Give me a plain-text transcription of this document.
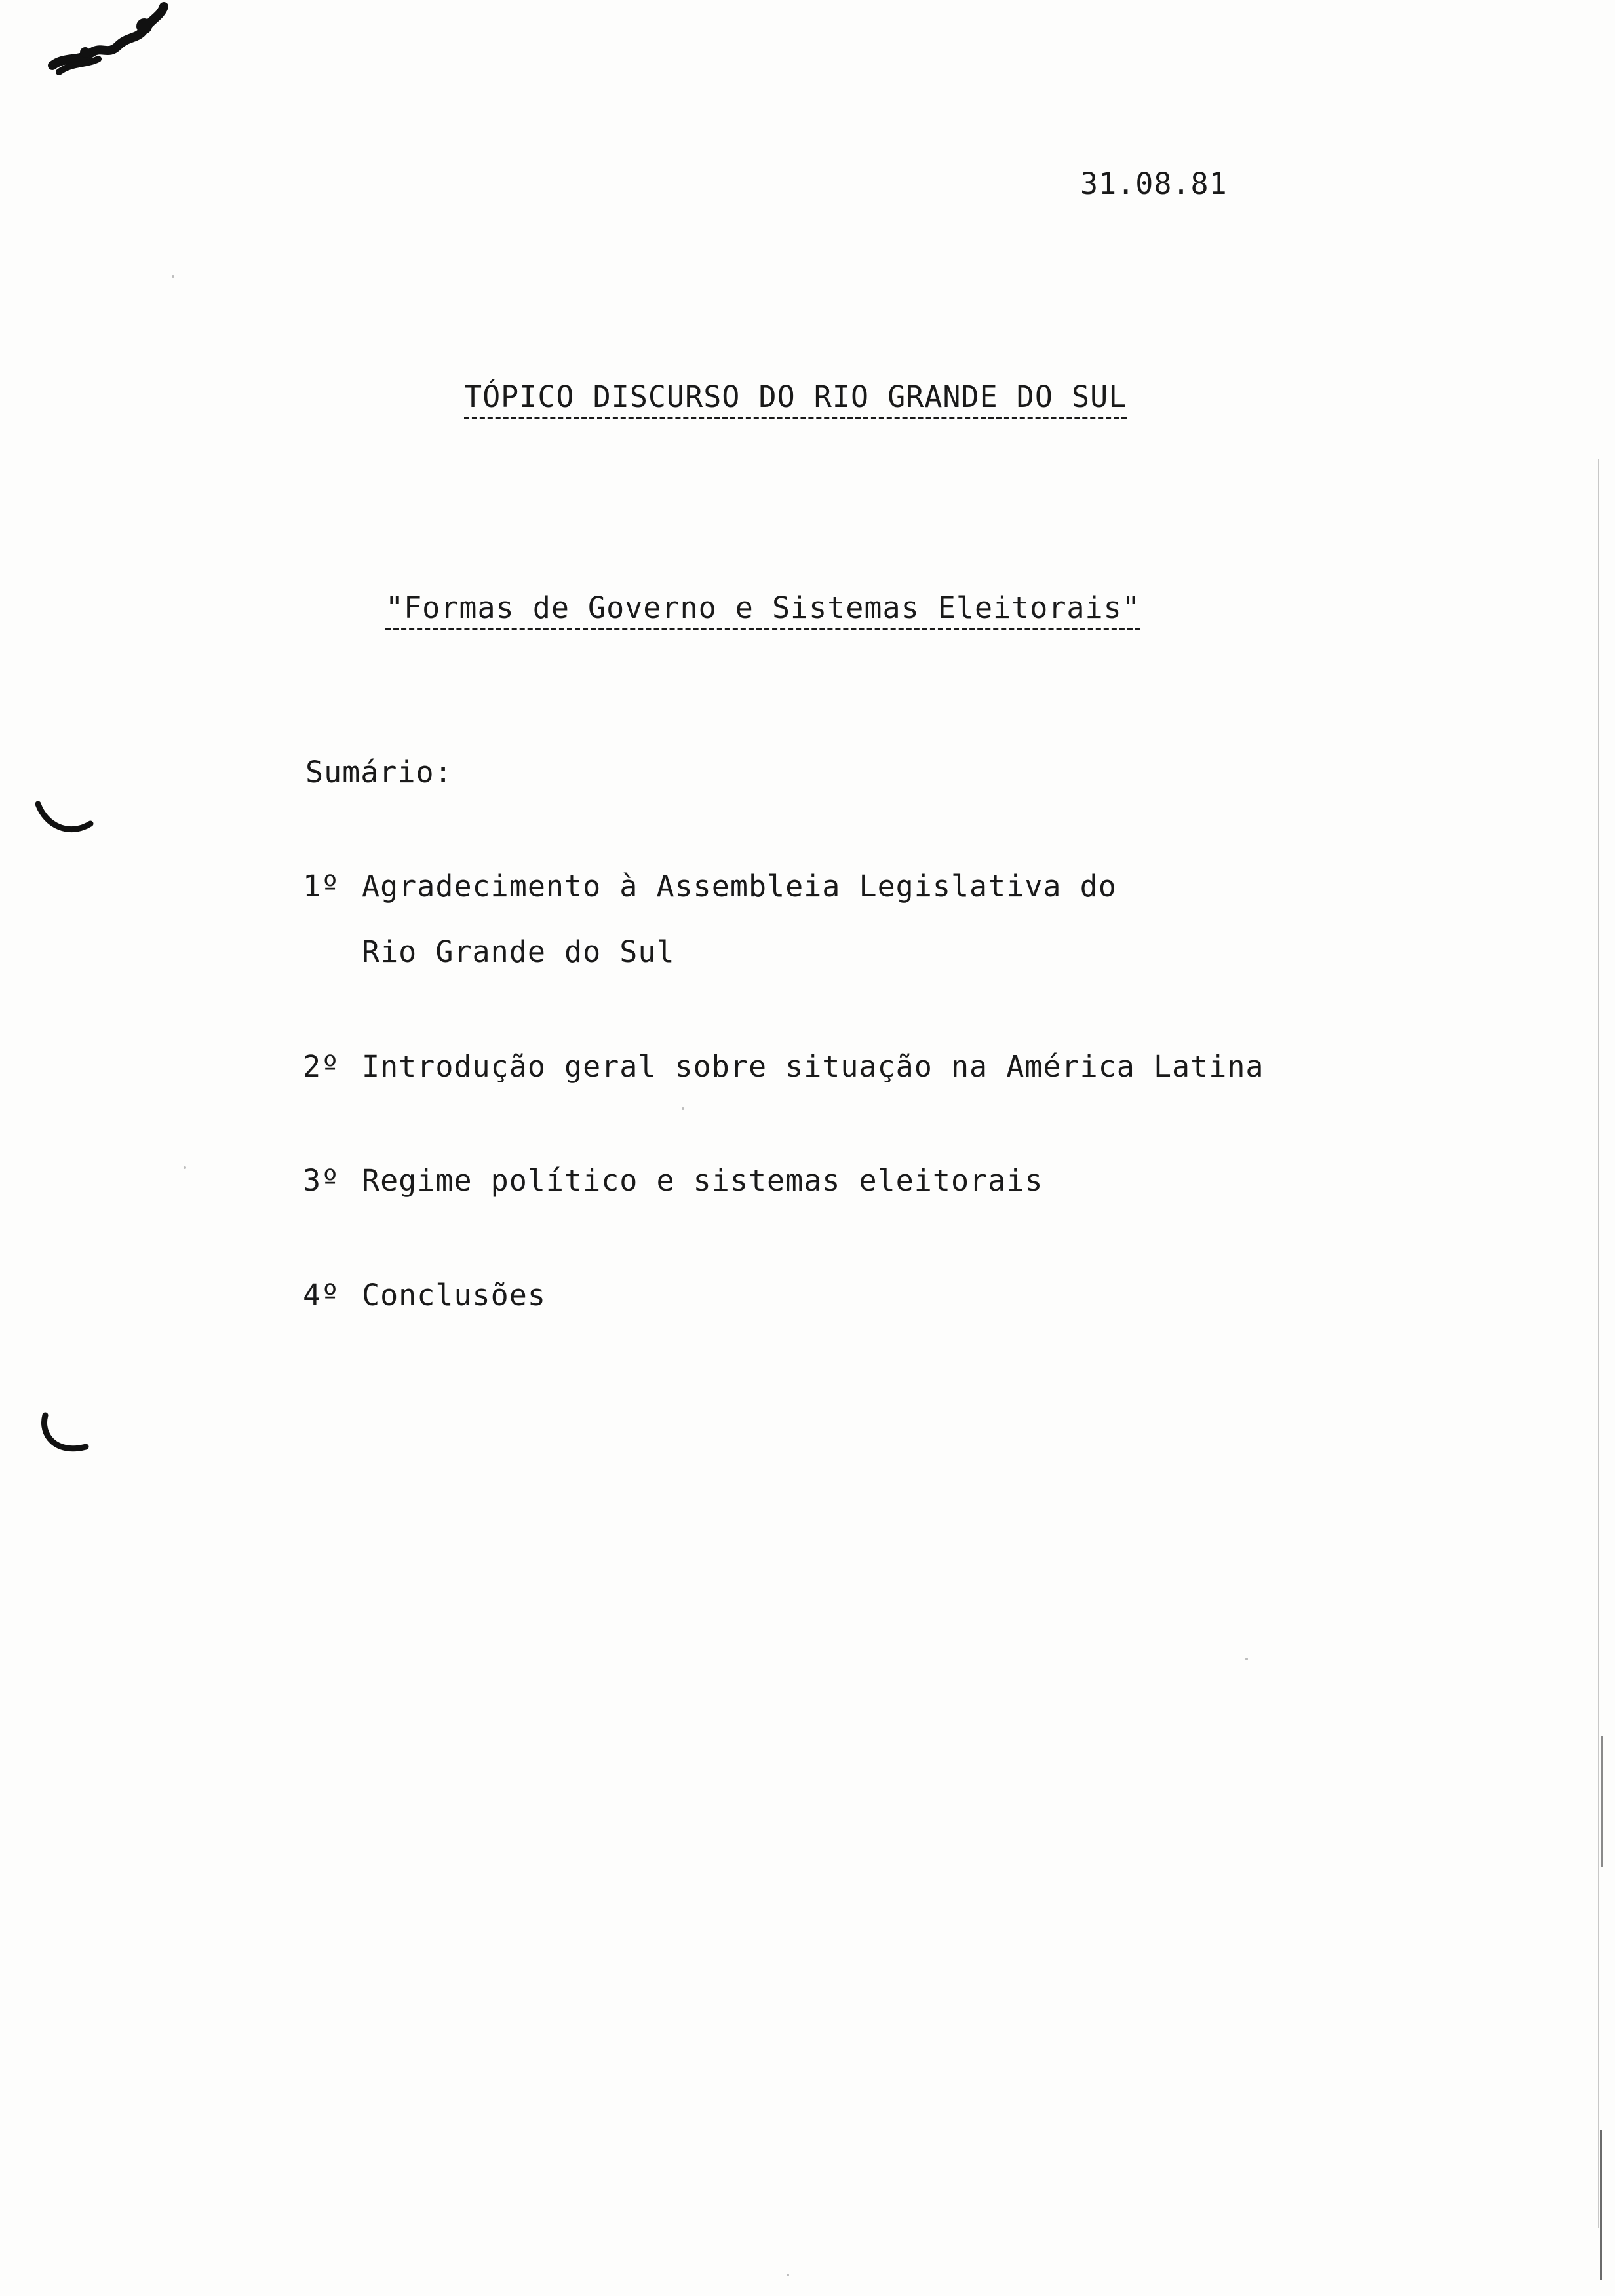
31.08.81
TÓPICO DISCURSO DO RIO GRANDE DO SUL
"Formas de Governo e Sistemas Eleitorais"
Sumário:
1º Agradecimento à Assembleia Legislativa do
Rio Grande do Sul
2º Introdução geral sobre situação na América Latina
3º Regime político e sistemas eleitorais
4º Conclusões
